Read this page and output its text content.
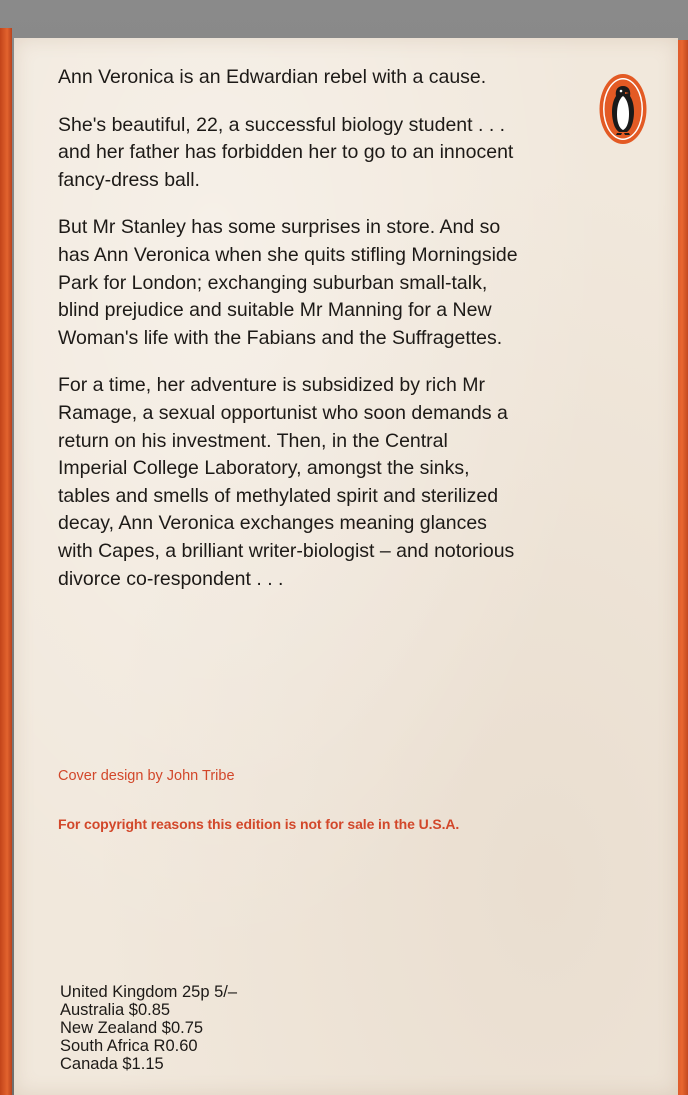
Ann Veronica is an Edwardian rebel with a cause.

She's beautiful, 22, a successful biology student . . . and her father has forbidden her to go to an innocent fancy-dress ball.

But Mr Stanley has some surprises in store. And so has Ann Veronica when she quits stifling Morningside Park for London; exchanging suburban small-talk, blind prejudice and suitable Mr Manning for a New Woman's life with the Fabians and the Suffragettes.

For a time, her adventure is subsidized by rich Mr Ramage, a sexual opportunist who soon demands a return on his investment. Then, in the Central Imperial College Laboratory, amongst the sinks, tables and smells of methylated spirit and sterilized decay, Ann Veronica exchanges meaning glances with Capes, a brilliant writer-biologist – and notorious divorce co-respondent . . .

Cover design by John Tribe
For copyright reasons this edition is not for sale in the U.S.A.
United Kingdom 25p 5/–
Australia $0.85
New Zealand $0.75
South Africa R0.60
Canada $1.15
